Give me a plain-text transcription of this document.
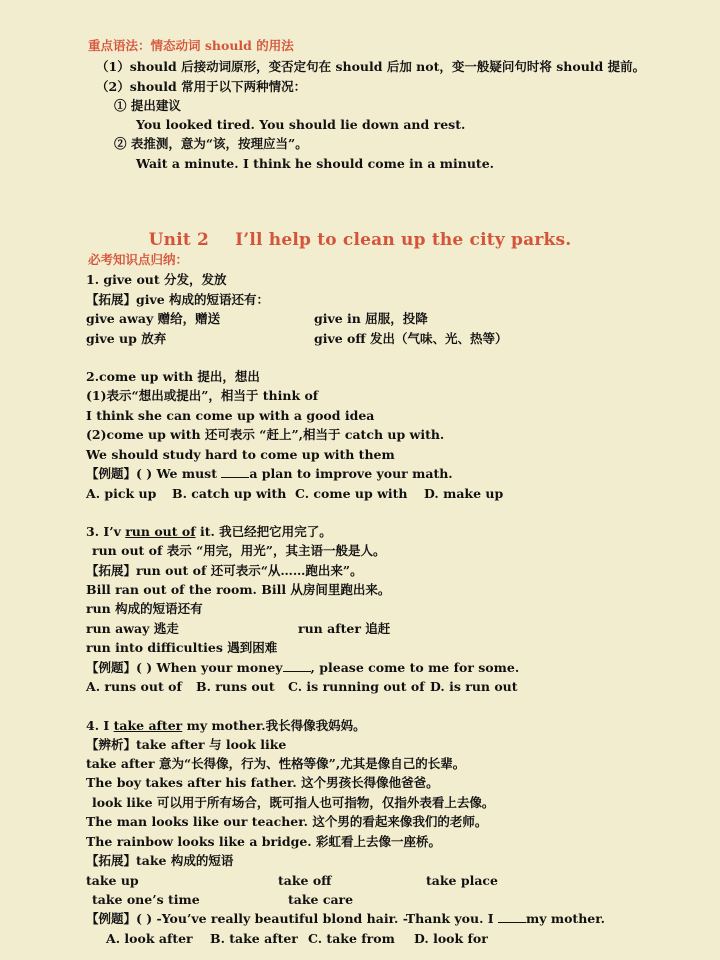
重点语法：情态动词 should 的用法
（1）should 后接动词原形，变否定句在 should 后加 not，变一般疑问句时将 should 提前。
（2）should 常用于以下两种情况：
① 提出建议
You looked tired. You should lie down and rest.
② 表推测，意为“该，按理应当”。
Wait a minute. I think he should come in a minute.
Unit 2 I’ll help to clean up the city parks.
必考知识点归纳：
1. give out 分发，发放
【拓展】give 构成的短语还有：
give away 赠给，赠送	give in 屈服，投降
give up 放弃	give off 发出（气味、光、热等）
2.come up with 提出，想出
(1)表示“想出或提出”，相当于 think of
I think she can come up with a good idea
(2)come up with 还可表示 “赶上”,相当于 catch up with.
We should study hard to come up with them
【例题】( ) We must a plan to improve your math.
A. pick up B. catch up with C. come up with D. make up
3. I’v run out of it. 我已经把它用完了。
run out of 表示 “用完，用光”，其主语一般是人。
【拓展】run out of 还可表示“从……跑出来”。
Bill ran out of the room. Bill 从房间里跑出来。
run 构成的短语还有
run away 逃走	run after 追赶
run into difficulties 遇到困难
【例题】( ) When your money , please come to me for some.
A. runs out of B. runs out C. is running out of D. is run out
4. I take after my mother.我长得像我妈妈。
【辨析】take after 与 look like
take after 意为“长得像，行为、性格等像”,尤其是像自己的长辈。
The boy takes after his father. 这个男孩长得像他爸爸。
look like 可以用于所有场合，既可指人也可指物，仅指外表看上去像。
The man looks like our teacher. 这个男的看起来像我们的老师。
The rainbow looks like a bridge. 彩虹看上去像一座桥。
【拓展】take 构成的短语
take up	take off	take place
take one’s time	take care
【例题】( ) -You’ve really beautiful blond hair. -Thank you. I my mother.
A. look after B. take after C. take from D. look for
